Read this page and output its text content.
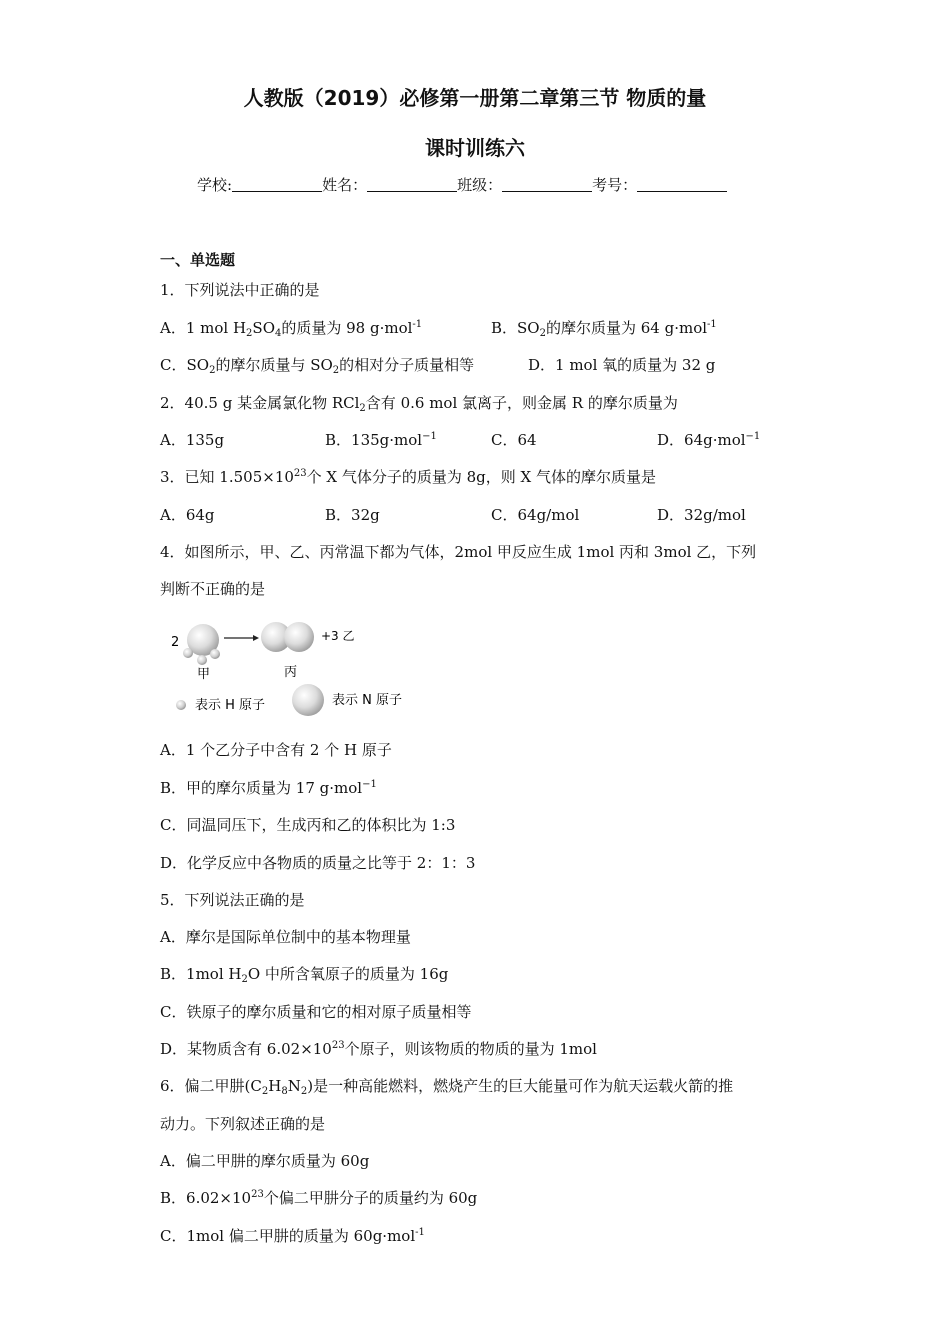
人教版（2019）必修第一册第二章第三节 物质的量
课时训练六
学校:	姓名：	班级：	考号：
一、单选题
1．下列说法中正确的是
A．1 mol $H_2SO_4$的质量为 98 g·mol$^{-1}$	B．$SO_2$的摩尔质量为 64 g·mol$^{-1}$
C．$SO_2$的摩尔质量与 $SO_2$的相对分子质量相等	D．1 mol 氧的质量为 32 g
2．40.5 g 某金属氯化物 RCl$_2$含有 0.6 mol 氯离子，则金属 R 的摩尔质量为
A．135g	B．135g·mol$^{-1}$	C．64	D．64g·mol$^{-1}$
3．已知 $1.505\times 10^{23}$个 X 气体分子的质量为 8g，则 X 气体的摩尔质量是
A．64g	B．32g	C．64g/mol	D．32g/mol
4．如图所示，甲、乙、丙常温下都为气体，2mol 甲反应生成 1mol 丙和 3mol 乙，下列
判断不正确的是
2	+3 乙
甲	丙
表示 H 原子	表示 N 原子
A．1 个乙分子中含有 2 个 H 原子
B．甲的摩尔质量为 17 g·mol$^{-1}$
C．同温同压下，生成丙和乙的体积比为 1:3
D．化学反应中各物质的质量之比等于 2：1：3
5．下列说法正确的是
A．摩尔是国际单位制中的基本物理量
B．1mol $H_2O$ 中所含氧原子的质量为 16g
C．铁原子的摩尔质量和它的相对原子质量相等
D．某物质含有 $6.02\times 10^{23}$个原子，则该物质的物质的量为 1mol
6．偏二甲肼$(C_2H_8N_2)$是一种高能燃料，燃烧产生的巨大能量可作为航天运载火箭的推
动力。下列叙述正确的是
A．偏二甲肼的摩尔质量为 60g
B．$6.02\times 10^{23}$个偏二甲肼分子的质量约为 60g
C．1mol 偏二甲肼的质量为 60g·mol$^{-1}$
